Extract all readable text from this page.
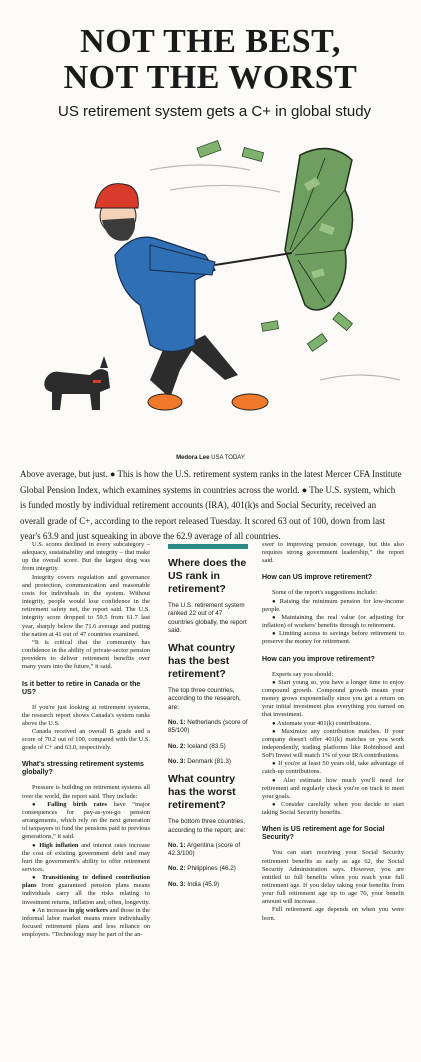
NOT THE BEST,
NOT THE WORST

US retirement system gets a C+ in global study

Medora Lee USA TODAY

Above average, but just. ● This is how the U.S. retirement system ranks in the latest Mercer CFA Institute Global Pension Index, which examines systems in countries across the world. ● The U.S. system, which is funded mostly by individual retirement accounts (IRA), 401(k)s and Social Security, received an overall grade of C+, according to the report released Tuesday. It scored 63 out of 100, down from last year's 63.9 and just squeaking in above the 62.9 average of all countries.

U.S. scores declined in every subcategory – adequacy, sustainability and integrity – that make up the overall score. But the largest drag was from integrity.

Integrity covers regulation and governance and protection, communication and reasonable costs for individuals in the system. Without integrity, people would lose confidence in the retirement safety net, the report said. The U.S. integrity score dropped to 59.5 from 61.7 last year, sharply below the 71.6 average and putting the nation at 41 out of 47 countries examined.

“It is critical that the community has confidence in the ability of private-sector pension providers to deliver retirement benefits over many years into the future,” it said.

Is it better to retire in Canada or the US?

If you're just looking at retirement systems, the research report shows Canada's system ranks above the U.S.

Canada received an overall B grade and a score of 70.2 out of 100, compared with the U.S. grade of C+ and 63.0, respectively.

What's stressing retirement systems globally?

Pressure is building on retirement systems all over the world, the report said. They include:

● Falling birth rates have “major consequences for pay-as-you-go pension arrangements, which rely on the next generation of taxpayers to fund the pensions paid to previous generations,” it said.

● High inflation and interest rates increase the cost of existing government debt and may hurt the government's ability to offer retirement services.

● Transitioning to defined contribution plans from guaranteed pension plans means individuals carry all the risks relating to investment returns, inflation and, often, longevity.

● An increase in gig workers and those in the informal labor market means more individually focused retirement plans and less reliance on employers. “Technology may be part of the an-

Where does the US rank in retirement?

The U.S. retirement system ranked 22 out of 47 countries globally, the report said.

What country has the best retirement?

The top three countries, according to the research, are:

No. 1: Netherlands (score of 85/100)

No. 2: Iceland (83.5)

No. 3: Denmark (81.3)

What country has the worst retirement?

The bottom three countries, according to the report, are:

No. 1: Argentina (score of 42.3/100)

No. 2: Philippines (46.2)

No. 3: India (45.9)

swer to improving pension coverage, but this also requires strong government leadership,” the report said.

How can US improve retirement?

Some of the report's suggestions include:

● Raising the minimum pension for low-income people.

● Maintaining the real value (or adjusting for inflation) of workers' benefits through to retirement.

● Limiting access to savings before retirement to preserve the money for retirement.

How can you improve retirement?

Experts say you should:

● Start young so, you have a longer time to enjoy compound growth. Compound growth means your money grows exponentially since you get a return on your initial investment plus everything you earned on that investment.

● Automate your 401(k) contributions.

● Maximize any contribution matches. If your company doesn't offer 401(k) matches or you work independently, trading platforms like Robinhood and SoFi Invest will match 1% of your IRA contributions.

● If you're at least 50 years old, take advantage of catch-up contributions.

● Also estimate how much you'll need for retirement and regularly check you're on track to meet your goals.

● Consider carefully when you decide to start taking Social Security benefits.

When is US retirement age for Social Security?

You can start receiving your Social Security retirement benefits as early as age 62, the Social Security Administration says. However, you are entitled to full benefits when you reach your full retirement age. If you delay taking your benefits from your full retirement age up to age 70, your benefit amount will increase.

Full retirement age depends on when you were born.
